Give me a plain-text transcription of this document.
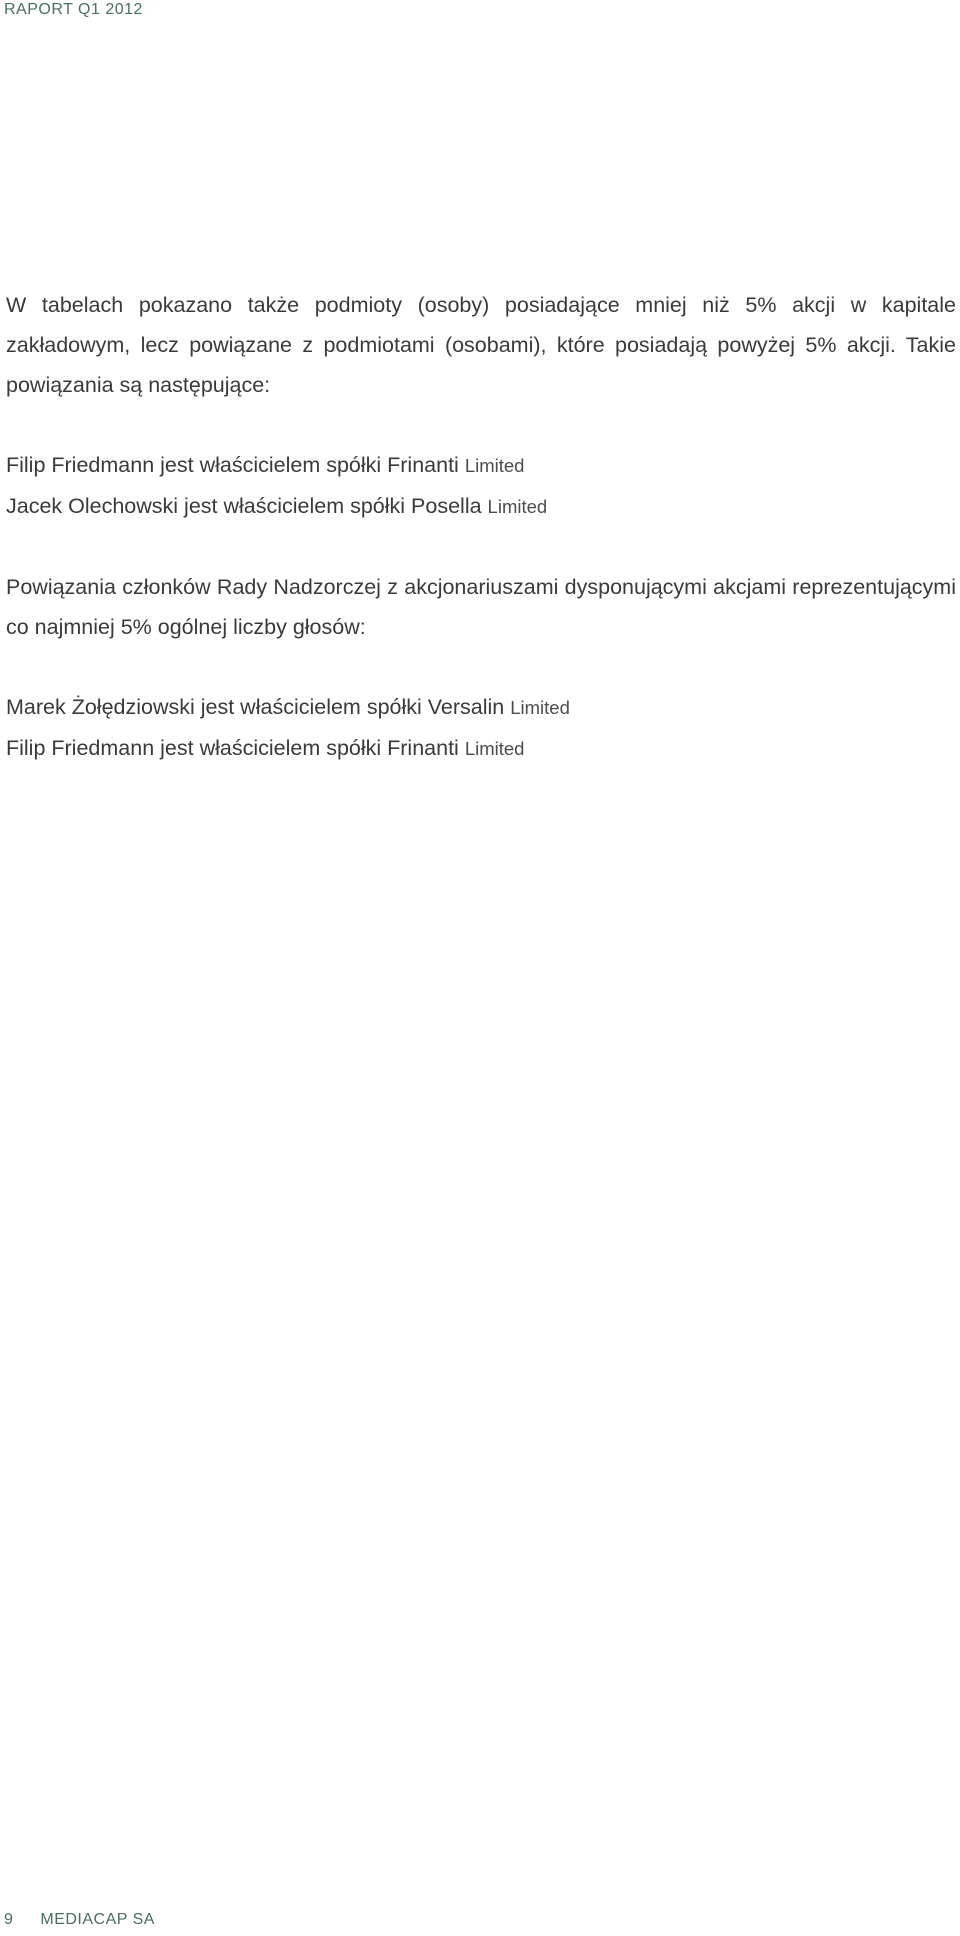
RAPORT Q1 2012

W tabelach pokazano także podmioty (osoby) posiadające mniej niż 5% akcji w kapitale zakładowym, lecz powiązane z podmiotami (osobami), które posiadają powyżej 5% akcji. Takie powiązania są następujące:

Filip Friedmann jest właścicielem spółki Frinanti Limited
Jacek Olechowski jest właścicielem spółki Posella Limited

Powiązania członków Rady Nadzorczej z akcjonariuszami dysponującymi akcjami reprezentującymi co najmniej 5% ogólnej liczby głosów:

Marek Żołędziowski jest właścicielem spółki Versalin Limited
Filip Friedmann jest właścicielem spółki Frinanti Limited
9 MEDIACAP SA
